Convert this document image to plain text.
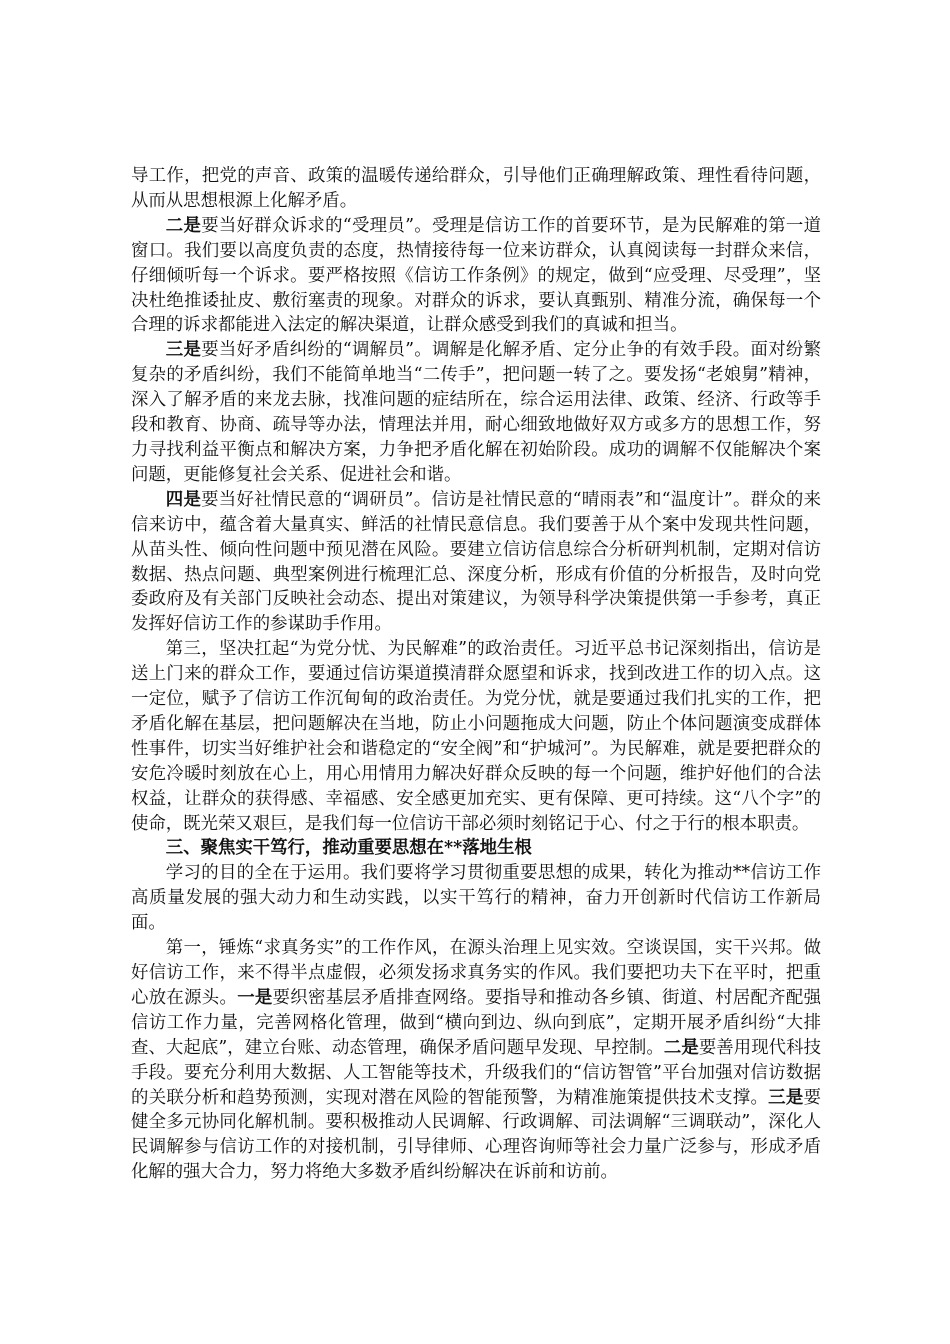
导工作，把党的声音、政策的温暖传递给群众，引导他们正确理解政策、理性看待问题，从而从思想根源上化解矛盾。

二是要当好群众诉求的“受理员”。受理是信访工作的首要环节，是为民解难的第一道窗口。我们要以高度负责的态度，热情接待每一位来访群众，认真阅读每一封群众来信，仔细倾听每一个诉求。要严格按照《信访工作条例》的规定，做到“应受理、尽受理”，坚决杜绝推诿扯皮、敷衍塞责的现象。对群众的诉求，要认真甄别、精准分流，确保每一个合理的诉求都能进入法定的解决渠道，让群众感受到我们的真诚和担当。

三是要当好矛盾纠纷的“调解员”。调解是化解矛盾、定分止争的有效手段。面对纷繁复杂的矛盾纠纷，我们不能简单地当“二传手”，把问题一转了之。要发扬“老娘舅”精神，深入了解矛盾的来龙去脉，找准问题的症结所在，综合运用法律、政策、经济、行政等手段和教育、协商、疏导等办法，情理法并用，耐心细致地做好双方或多方的思想工作，努力寻找利益平衡点和解决方案，力争把矛盾化解在初始阶段。成功的调解不仅能解决个案问题，更能修复社会关系、促进社会和谐。

四是要当好社情民意的“调研员”。信访是社情民意的“晴雨表”和“温度计”。群众的来信来访中，蕴含着大量真实、鲜活的社情民意信息。我们要善于从个案中发现共性问题，从苗头性、倾向性问题中预见潜在风险。要建立信访信息综合分析研判机制，定期对信访数据、热点问题、典型案例进行梳理汇总、深度分析，形成有价值的分析报告，及时向党委政府及有关部门反映社会动态、提出对策建议，为领导科学决策提供第一手参考，真正发挥好信访工作的参谋助手作用。

第三，坚决扛起“为党分忧、为民解难”的政治责任。习近平总书记深刻指出，信访是送上门来的群众工作，要通过信访渠道摸清群众愿望和诉求，找到改进工作的切入点。这一定位，赋予了信访工作沉甸甸的政治责任。为党分忧，就是要通过我们扎实的工作，把矛盾化解在基层，把问题解决在当地，防止小问题拖成大问题，防止个体问题演变成群体性事件，切实当好维护社会和谐稳定的“安全阀”和“护城河”。为民解难，就是要把群众的安危冷暖时刻放在心上，用心用情用力解决好群众反映的每一个问题，维护好他们的合法权益，让群众的获得感、幸福感、安全感更加充实、更有保障、更可持续。这“八个字”的使命，既光荣又艰巨，是我们每一位信访干部必须时刻铭记于心、付之于行的根本职责。

三、聚焦实干笃行，推动重要思想在**落地生根

学习的目的全在于运用。我们要将学习贯彻重要思想的成果，转化为推动**信访工作高质量发展的强大动力和生动实践，以实干笃行的精神，奋力开创新时代信访工作新局面。

第一，锤炼“求真务实”的工作作风，在源头治理上见实效。空谈误国，实干兴邦。做好信访工作，来不得半点虚假，必须发扬求真务实的作风。我们要把功夫下在平时，把重心放在源头。一是要织密基层矛盾排查网络。要指导和推动各乡镇、街道、村居配齐配强信访工作力量，完善网格化管理，做到“横向到边、纵向到底”，定期开展矛盾纠纷“大排查、大起底”，建立台账、动态管理，确保矛盾问题早发现、早控制。二是要善用现代科技手段。要充分利用大数据、人工智能等技术，升级我们的“信访智管”平台加强对信访数据的关联分析和趋势预测，实现对潜在风险的智能预警，为精准施策提供技术支撑。三是要健全多元协同化解机制。要积极推动人民调解、行政调解、司法调解“三调联动”，深化人民调解参与信访工作的对接机制，引导律师、心理咨询师等社会力量广泛参与，形成矛盾化解的强大合力，努力将绝大多数矛盾纠纷解决在诉前和访前。
